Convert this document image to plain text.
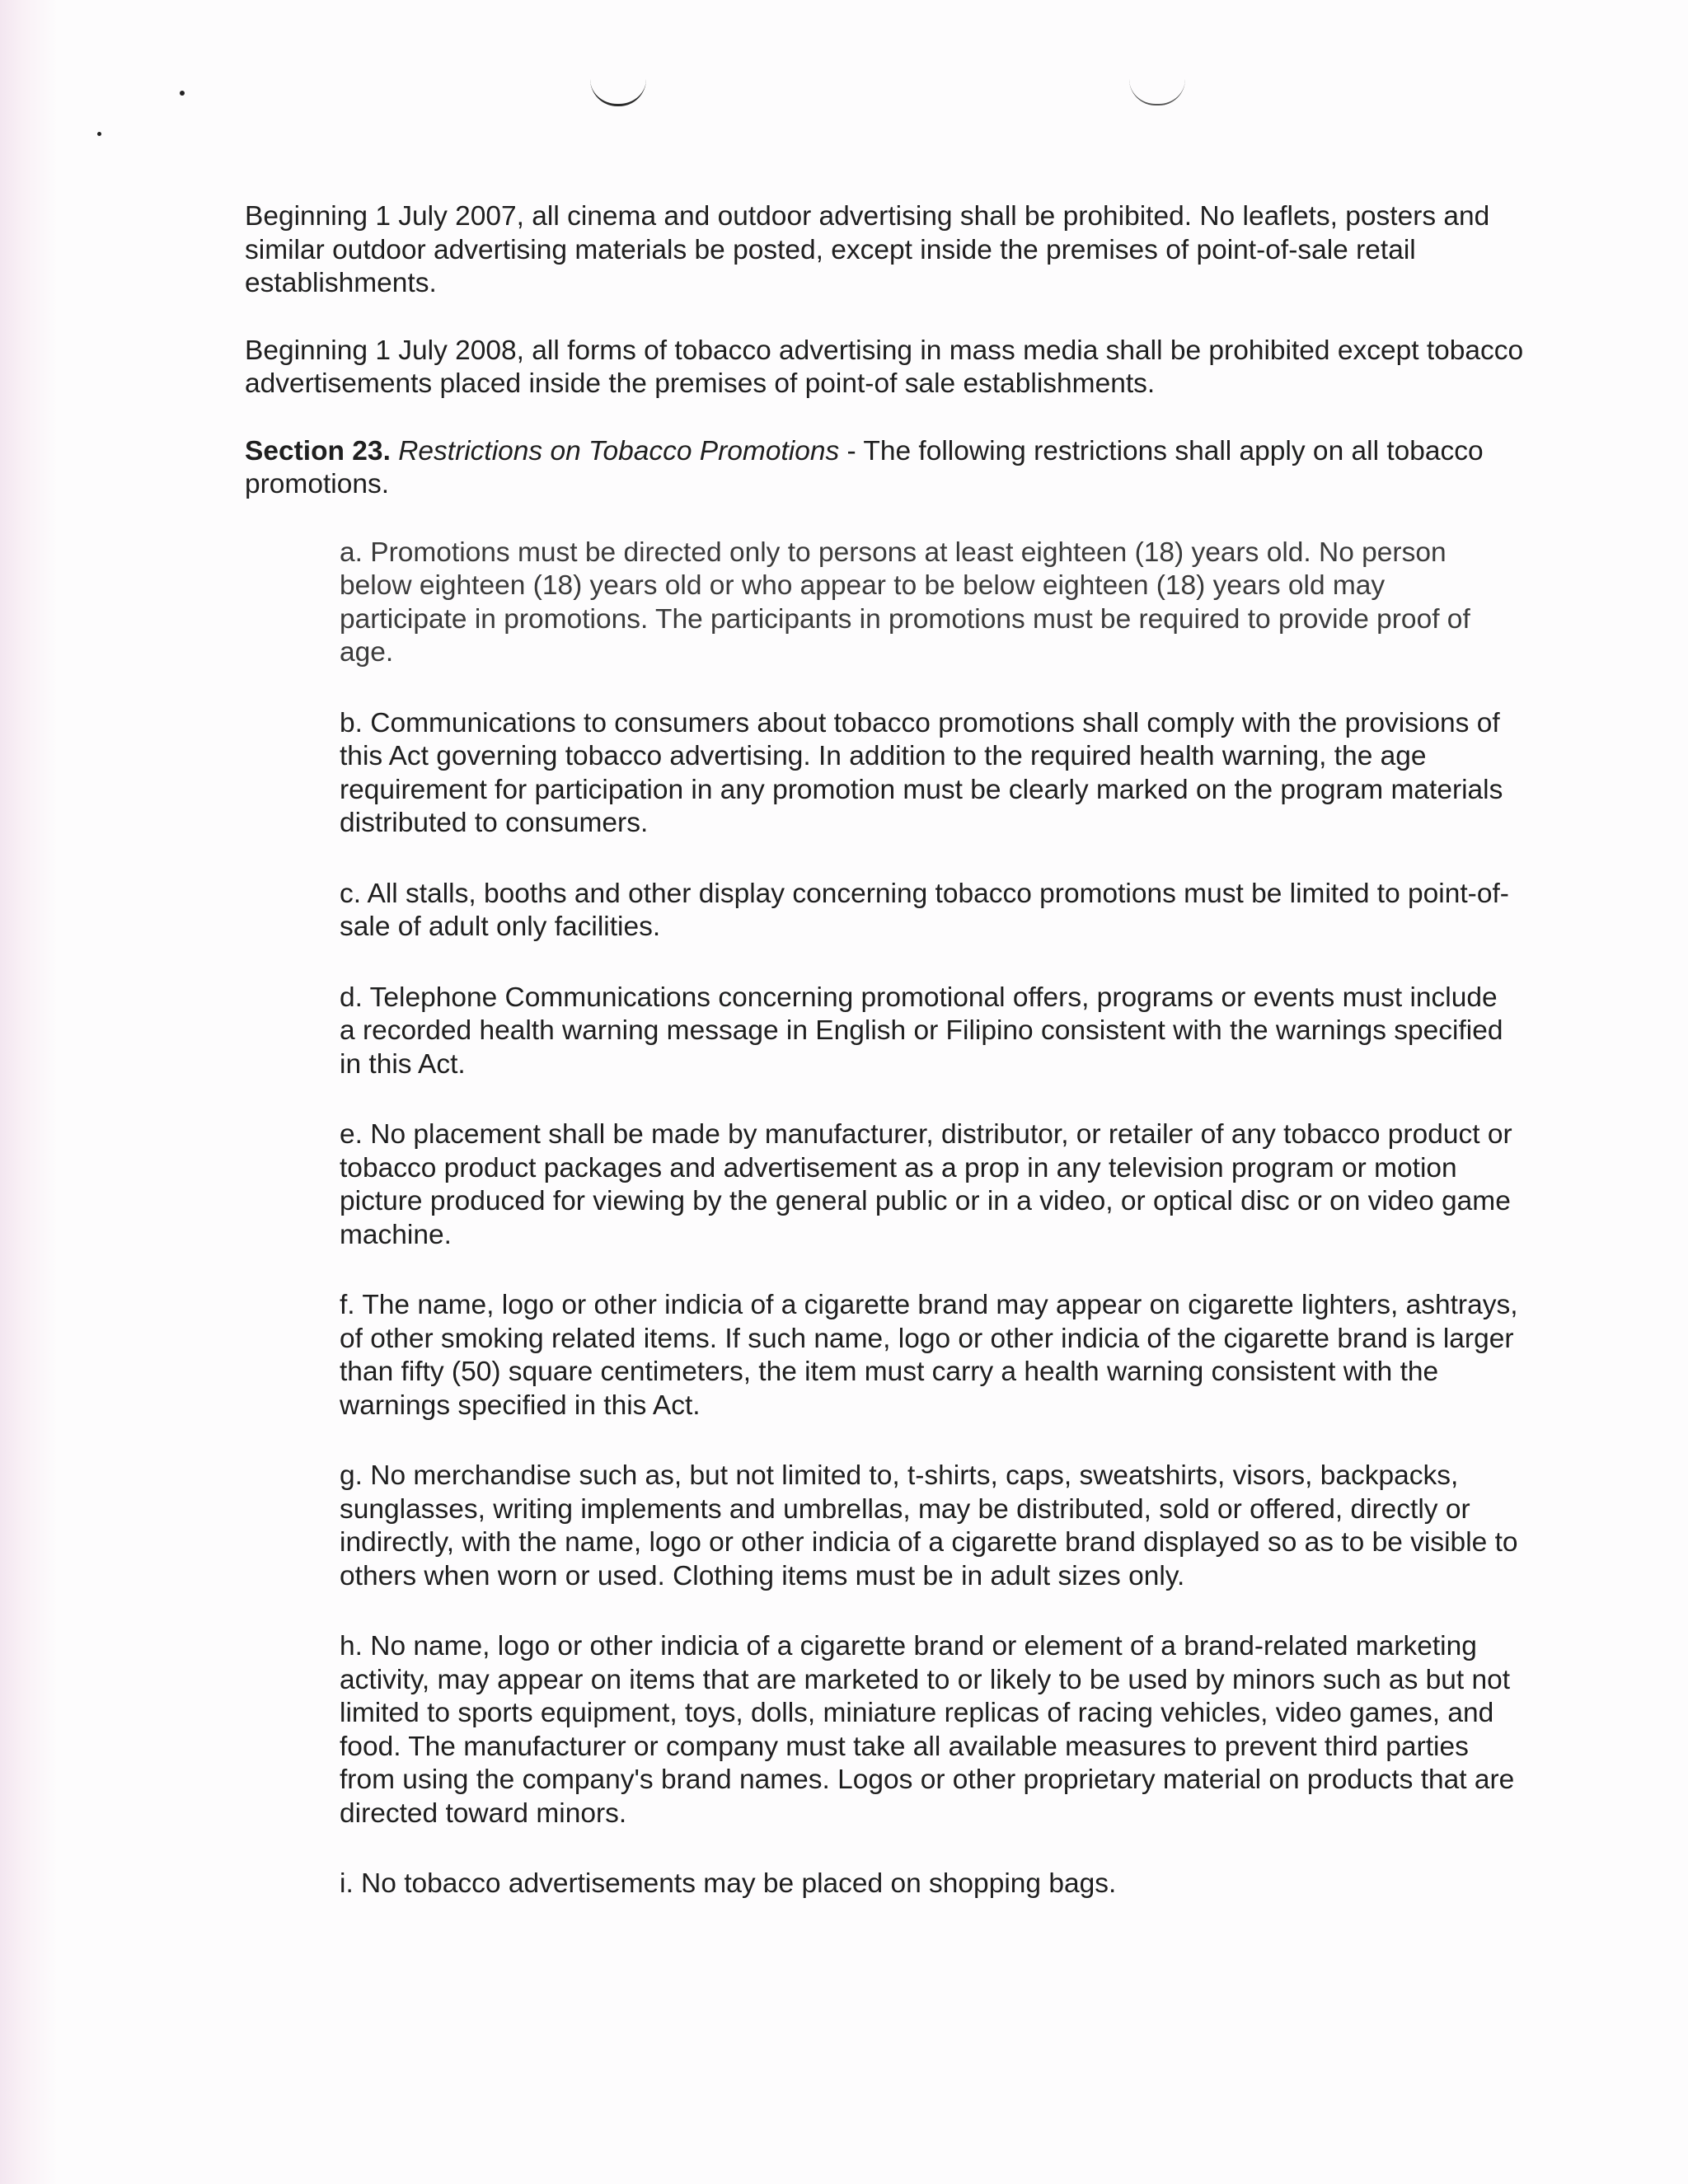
Beginning 1 July 2007, all cinema and outdoor advertising shall be prohibited. No leaflets, posters and similar outdoor advertising materials be posted, except inside the premises of point-of-sale retail establishments.

Beginning 1 July 2008, all forms of tobacco advertising in mass media shall be prohibited except tobacco advertisements placed inside the premises of point-of sale establishments.

Section 23. Restrictions on Tobacco Promotions - The following restrictions shall apply on all tobacco promotions.

a. Promotions must be directed only to persons at least eighteen (18) years old. No person below eighteen (18) years old or who appear to be below eighteen (18) years old may participate in promotions. The participants in promotions must be required to provide proof of age.

b. Communications to consumers about tobacco promotions shall comply with the provisions of this Act governing tobacco advertising. In addition to the required health warning, the age requirement for participation in any promotion must be clearly marked on the program materials distributed to consumers.

c. All stalls, booths and other display concerning tobacco promotions must be limited to point-of-sale of adult only facilities.

d. Telephone Communications concerning promotional offers, programs or events must include a recorded health warning message in English or Filipino consistent with the warnings specified in this Act.

e. No placement shall be made by manufacturer, distributor, or retailer of any tobacco product or tobacco product packages and advertisement as a prop in any television program or motion picture produced for viewing by the general public or in a video, or optical disc or on video game machine.

f. The name, logo or other indicia of a cigarette brand may appear on cigarette lighters, ashtrays, of other smoking related items. If such name, logo or other indicia of the cigarette brand is larger than fifty (50) square centimeters, the item must carry a health warning consistent with the warnings specified in this Act.

g. No merchandise such as, but not limited to, t-shirts, caps, sweatshirts, visors, backpacks, sunglasses, writing implements and umbrellas, may be distributed, sold or offered, directly or indirectly, with the name, logo or other indicia of a cigarette brand displayed so as to be visible to others when worn or used. Clothing items must be in adult sizes only.

h. No name, logo or other indicia of a cigarette brand or element of a brand-related marketing activity, may appear on items that are marketed to or likely to be used by minors such as but not limited to sports equipment, toys, dolls, miniature replicas of racing vehicles, video games, and food. The manufacturer or company must take all available measures to prevent third parties from using the company's brand names. Logos or other proprietary material on products that are directed toward minors.

i. No tobacco advertisements may be placed on shopping bags.
